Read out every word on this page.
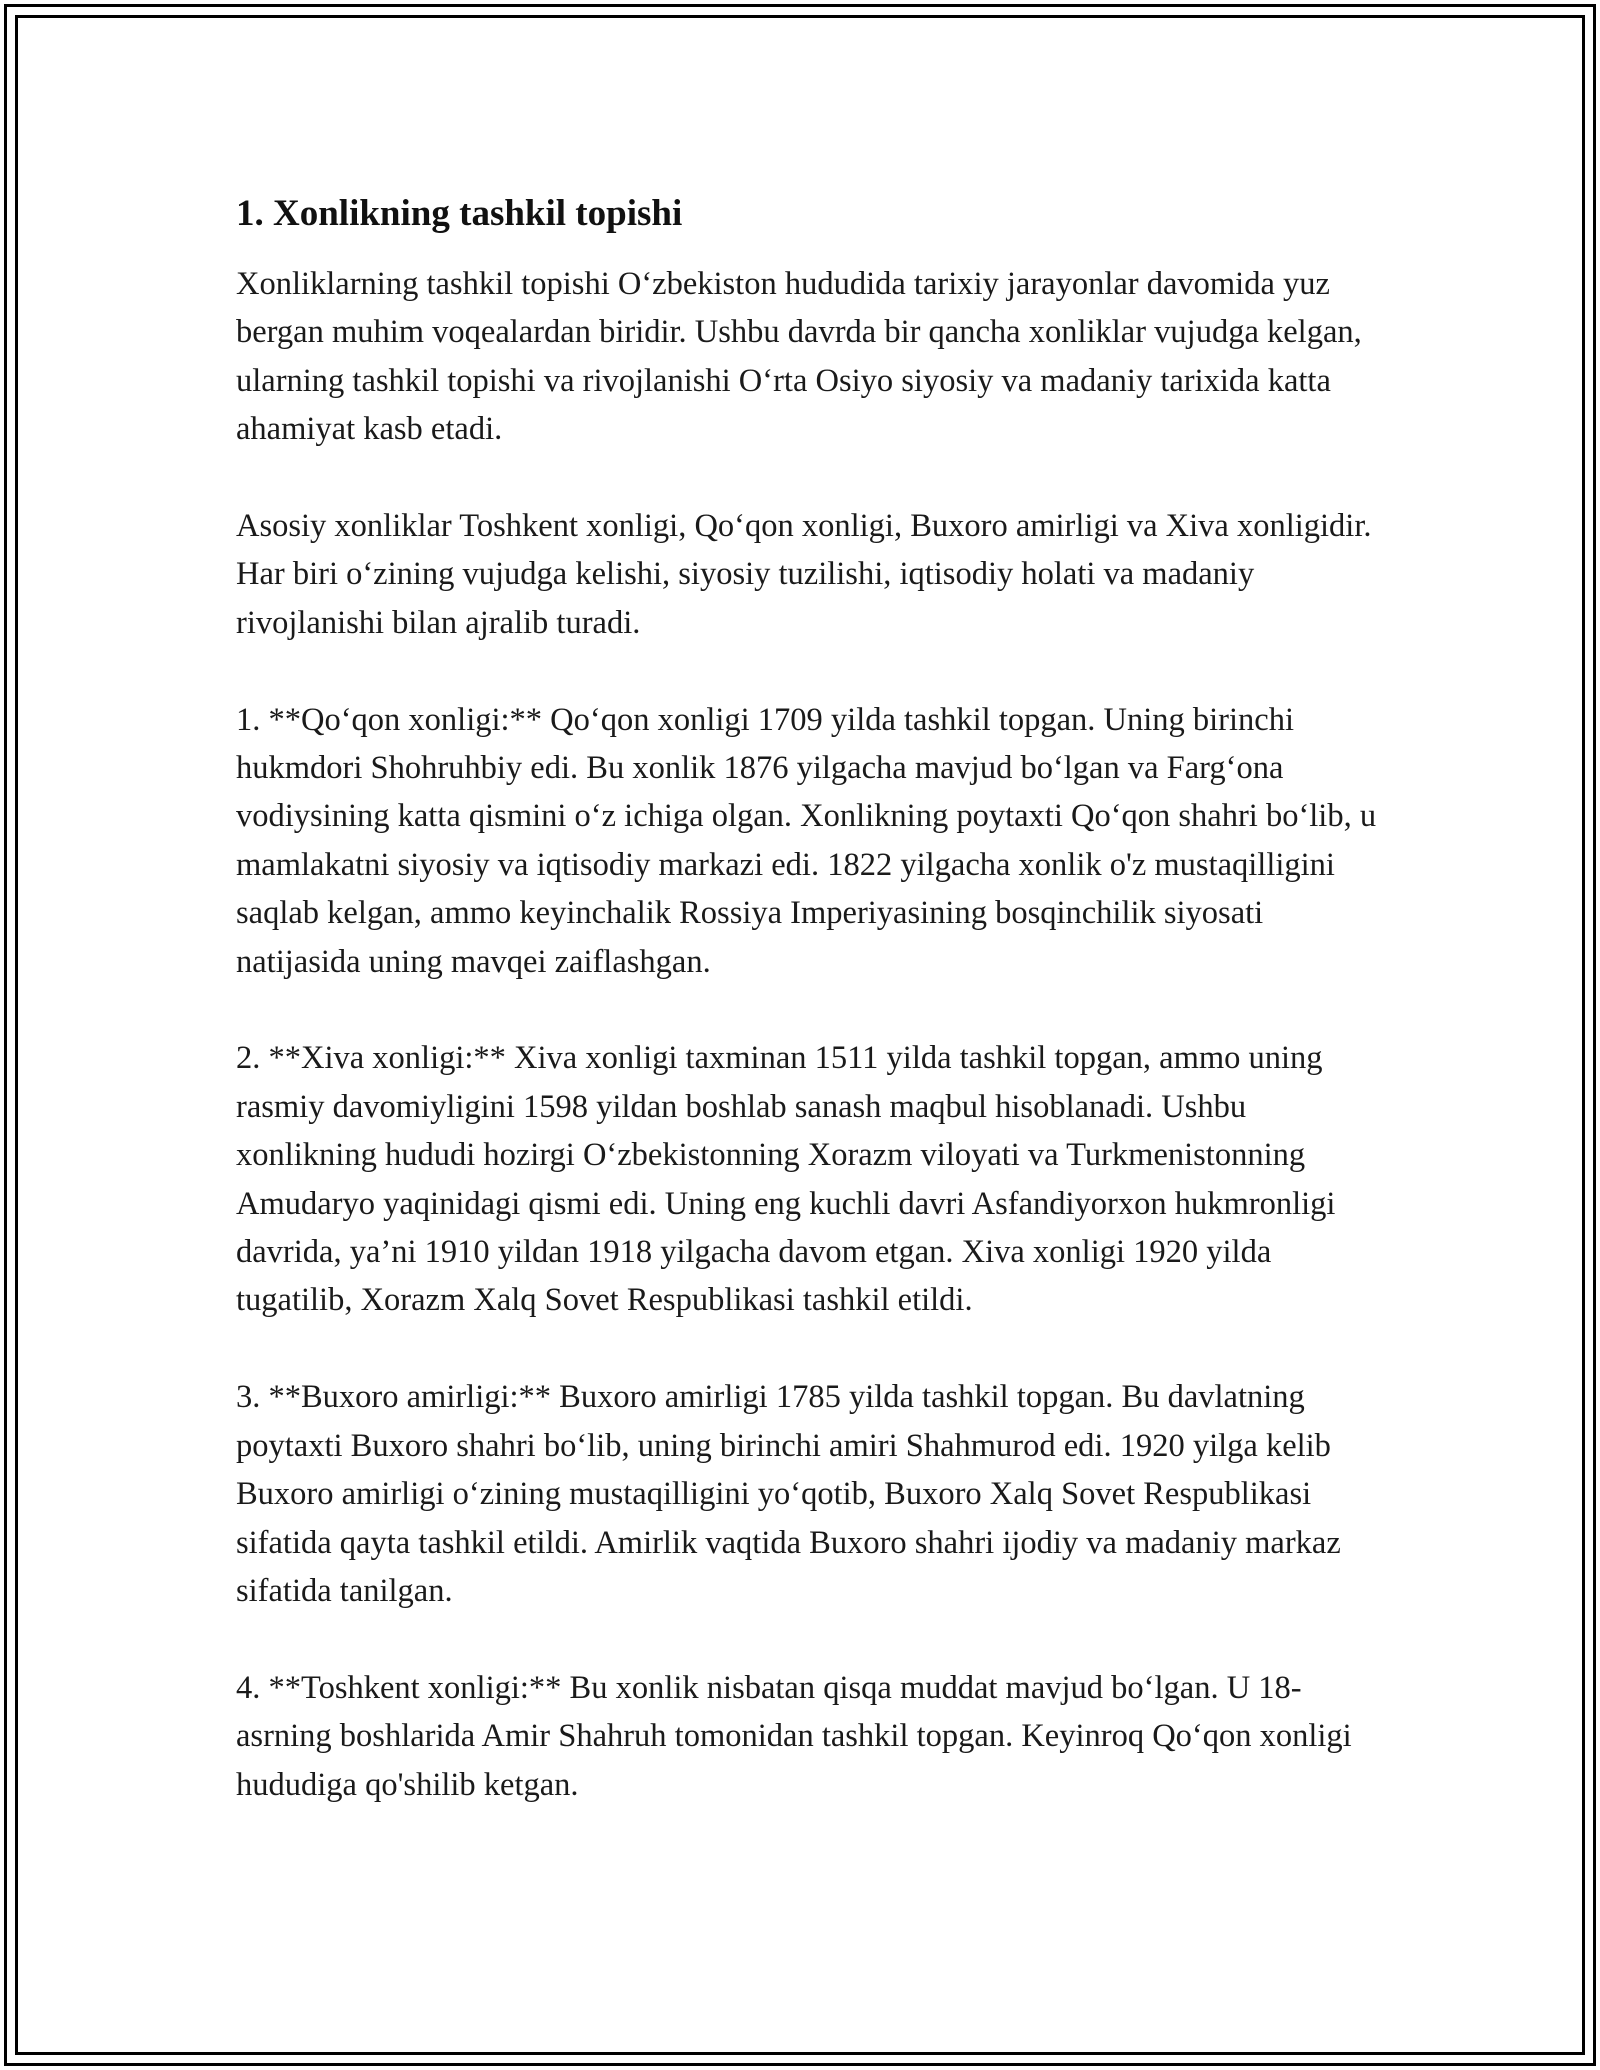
1. Xonlikning tashkil topishi

Xonliklarning tashkil topishi O‘zbekiston hududida tarixiy jarayonlar davomida yuz bergan muhim voqealardan biridir. Ushbu davrda bir qancha xonliklar vujudga kelgan, ularning tashkil topishi va rivojlanishi O‘rta Osiyo siyosiy va madaniy tarixida katta ahamiyat kasb etadi.

Asosiy xonliklar Toshkent xonligi, Qo‘qon xonligi, Buxoro amirligi va Xiva xonligidir. Har biri o‘zining vujudga kelishi, siyosiy tuzilishi, iqtisodiy holati va madaniy rivojlanishi bilan ajralib turadi.

1. **Qo‘qon xonligi:** Qo‘qon xonligi 1709 yilda tashkil topgan. Uning birinchi hukmdori Shohruhbiy edi. Bu xonlik 1876 yilgacha mavjud bo‘lgan va Farg‘ona vodiysining katta qismini o‘z ichiga olgan. Xonlikning poytaxti Qo‘qon shahri bo‘lib, u mamlakatni siyosiy va iqtisodiy markazi edi. 1822 yilgacha xonlik o'z mustaqilligini saqlab kelgan, ammo keyinchalik Rossiya Imperiyasining bosqinchilik siyosati natijasida uning mavqei zaiflashgan.

2. **Xiva xonligi:** Xiva xonligi taxminan 1511 yilda tashkil topgan, ammo uning rasmiy davomiyligini 1598 yildan boshlab sanash maqbul hisoblanadi. Ushbu xonlikning hududi hozirgi O‘zbekistonning Xorazm viloyati va Turkmenistonning Amudaryo yaqinidagi qismi edi. Uning eng kuchli davri Asfandiyorxon hukmronligi davrida, ya’ni 1910 yildan 1918 yilgacha davom etgan. Xiva xonligi 1920 yilda tugatilib, Xorazm Xalq Sovet Respublikasi tashkil etildi.

3. **Buxoro amirligi:** Buxoro amirligi 1785 yilda tashkil topgan. Bu davlatning poytaxti Buxoro shahri bo‘lib, uning birinchi amiri Shahmurod edi. 1920 yilga kelib Buxoro amirligi o‘zining mustaqilligini yo‘qotib, Buxoro Xalq Sovet Respublikasi sifatida qayta tashkil etildi. Amirlik vaqtida Buxoro shahri ijodiy va madaniy markaz sifatida tanilgan.

4. **Toshkent xonligi:** Bu xonlik nisbatan qisqa muddat mavjud bo‘lgan. U 18-asrning boshlarida Amir Shahruh tomonidan tashkil topgan. Keyinroq Qo‘qon xonligi hududiga qo'shilib ketgan.
